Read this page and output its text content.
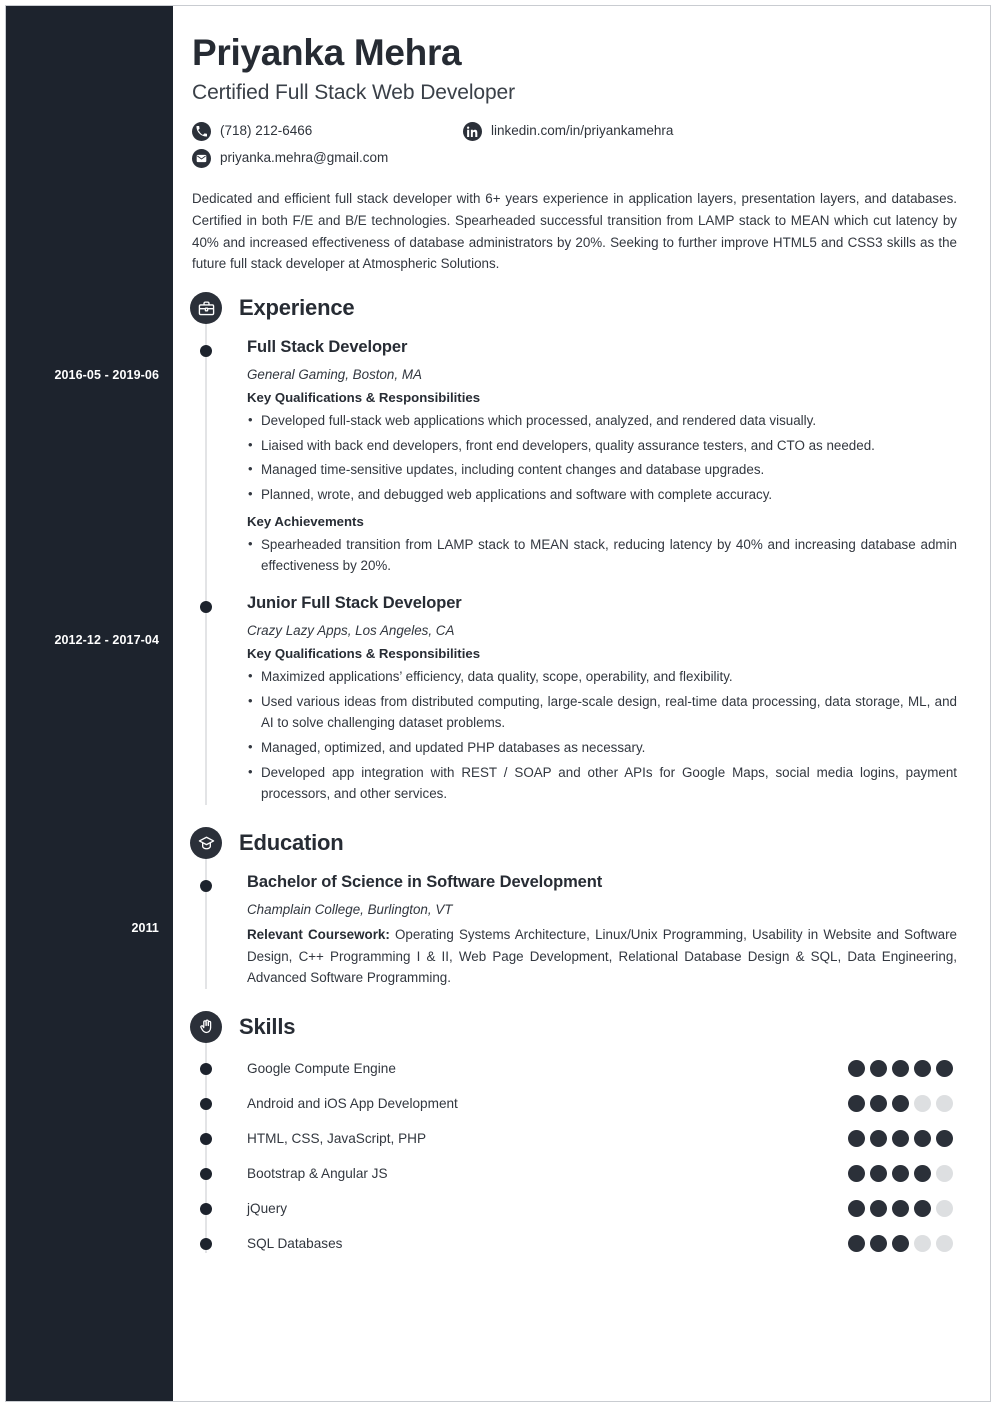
2016-05 - 2019-06
2012-12 - 2017-04
2011
Priyanka Mehra
Certified Full Stack Web Developer
(718) 212-6466	linkedin.com/in/priyankamehra
priyanka.mehra@gmail.com
Dedicated and efficient full stack developer with 6+ years experience in application layers, presentation layers, and databases. Certified in both F/E and B/E technologies. Spearheaded successful transition from LAMP stack to MEAN which cut latency by 40% and increased effectiveness of database administrators by 20%. Seeking to further improve HTML5 and CSS3 skills as the future full stack developer at Atmospheric Solutions.
Experience
Full Stack Developer
General Gaming, Boston, MA
Key Qualifications & Responsibilities
• Developed full-stack web applications which processed, analyzed, and rendered data visually.
• Liaised with back end developers, front end developers, quality assurance testers, and CTO as needed.
• Managed time-sensitive updates, including content changes and database upgrades.
• Planned, wrote, and debugged web applications and software with complete accuracy.
Key Achievements
• Spearheaded transition from LAMP stack to MEAN stack, reducing latency by 40% and increasing database admin effectiveness by 20%.
Junior Full Stack Developer
Crazy Lazy Apps, Los Angeles, CA
Key Qualifications & Responsibilities
• Maximized applications’ efficiency, data quality, scope, operability, and flexibility.
• Used various ideas from distributed computing, large-scale design, real-time data processing, data storage, ML, and AI to solve challenging dataset problems.
• Managed, optimized, and updated PHP databases as necessary.
• Developed app integration with REST / SOAP and other APIs for Google Maps, social media logins, payment processors, and other services.
Education
Bachelor of Science in Software Development
Champlain College, Burlington, VT
Relevant Coursework: Operating Systems Architecture, Linux/Unix Programming, Usability in Website and Software Design, C++ Programming I & II, Web Page Development, Relational Database Design & SQL, Data Engineering, Advanced Software Programming.
Skills
Google Compute Engine
Android and iOS App Development
HTML, CSS, JavaScript, PHP
Bootstrap & Angular JS
jQuery
SQL Databases
